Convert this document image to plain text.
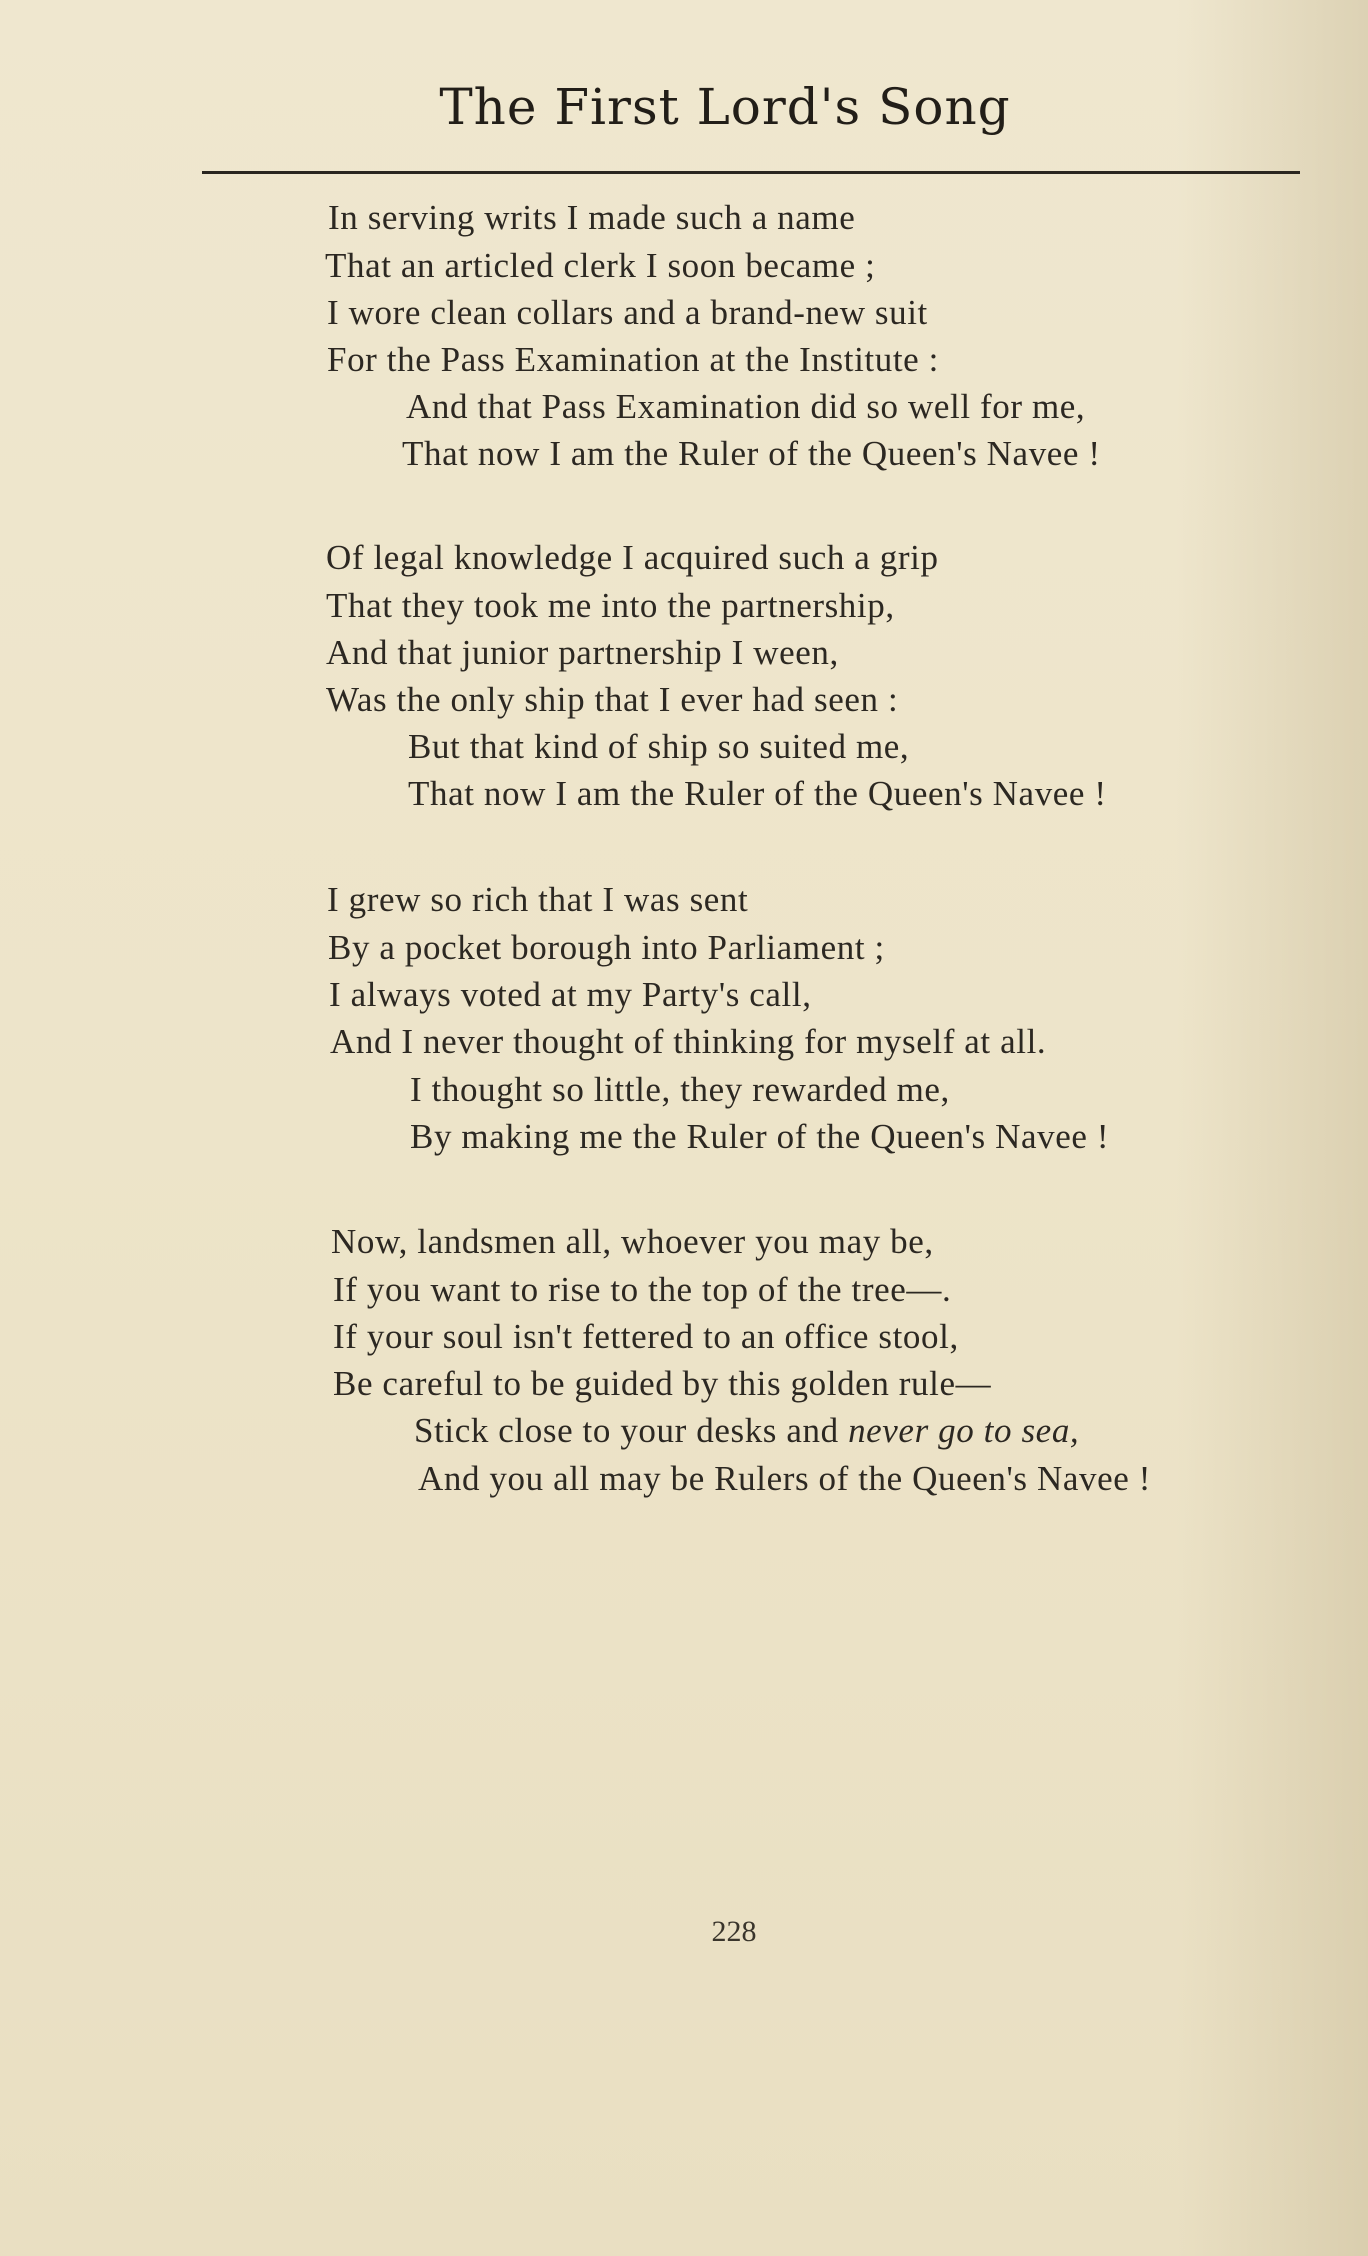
The First Lord's Song
In serving writs I made such a name
That an articled clerk I soon became ;
I wore clean collars and a brand-new suit
For the Pass Examination at the Institute :
And that Pass Examination did so well for me,
That now I am the Ruler of the Queen's Navee !
Of legal knowledge I acquired such a grip
That they took me into the partnership,
And that junior partnership I ween,
Was the only ship that I ever had seen :
But that kind of ship so suited me,
That now I am the Ruler of the Queen's Navee !
I grew so rich that I was sent
By a pocket borough into Parliament ;
I always voted at my Party's call,
And I never thought of thinking for myself at all.
I thought so little, they rewarded me,
By making me the Ruler of the Queen's Navee !
Now, landsmen all, whoever you may be,
If you want to rise to the top of the tree—.
If your soul isn't fettered to an office stool,
Be careful to be guided by this golden rule—
Stick close to your desks and never go to sea,
And you all may be Rulers of the Queen's Navee !
228
